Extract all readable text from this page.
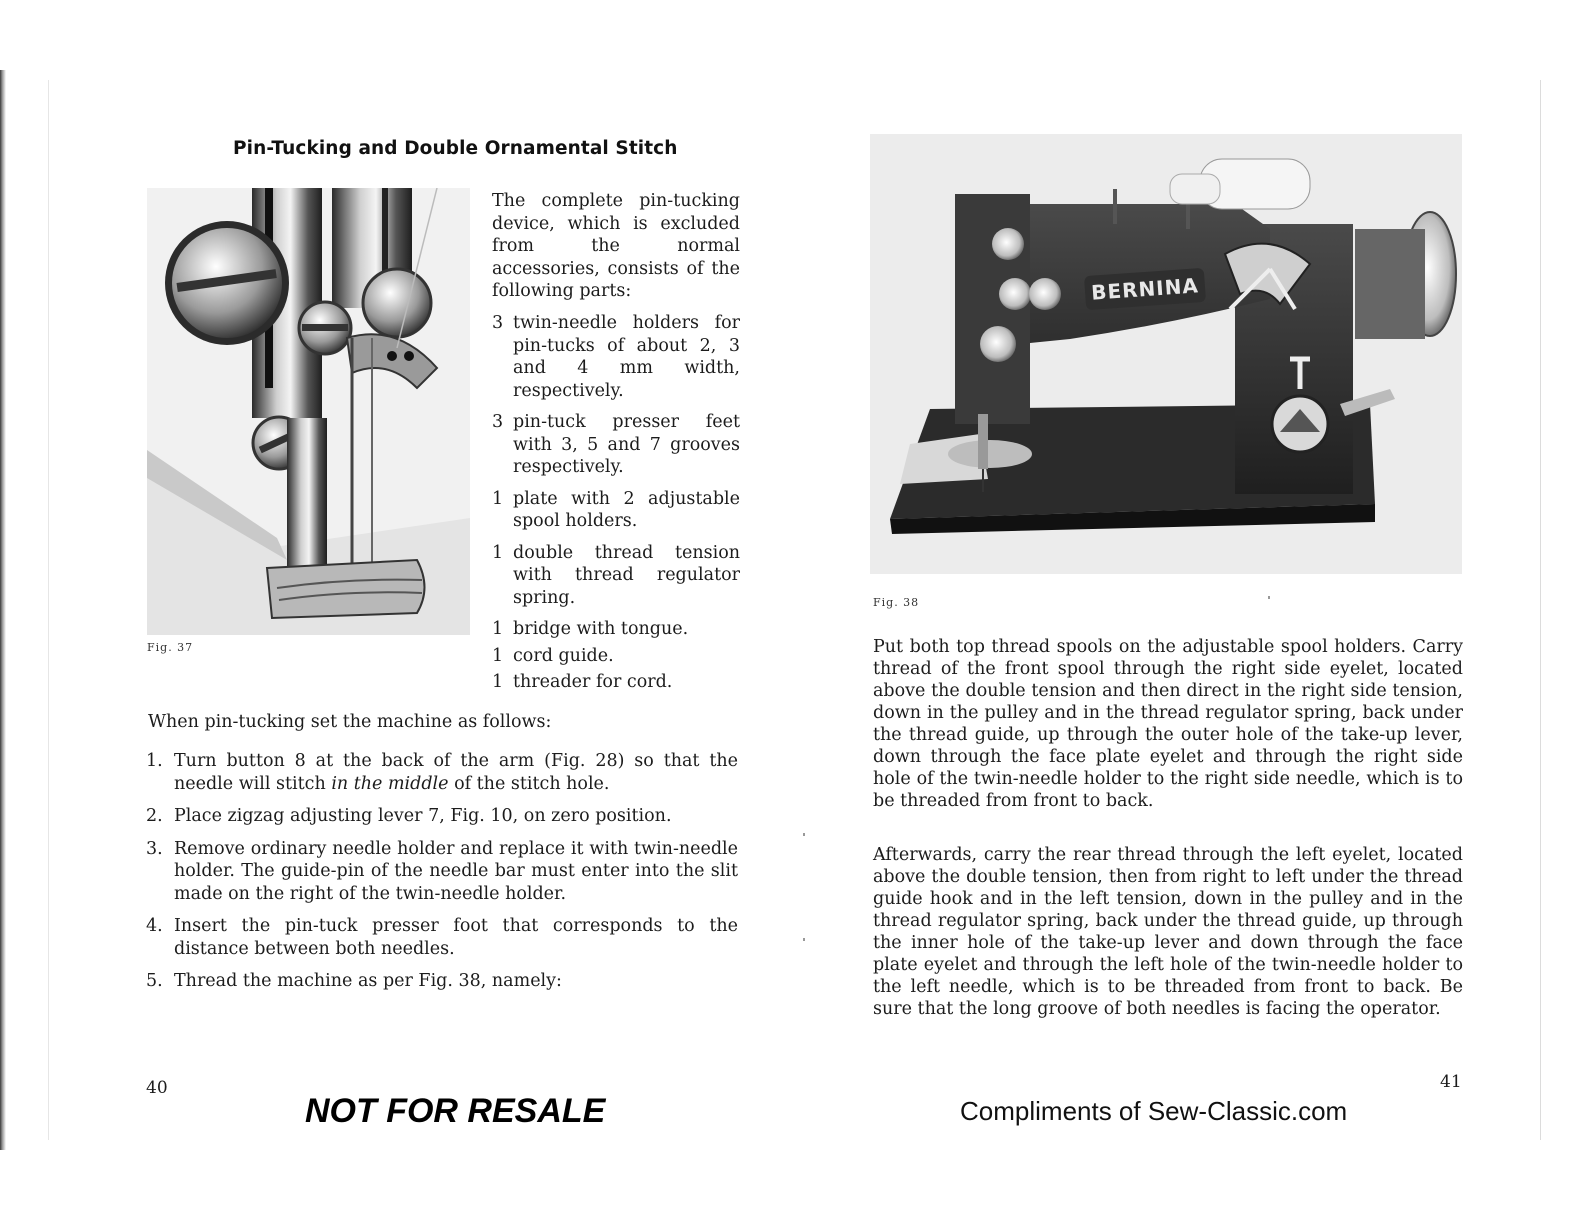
Pin-Tucking and Double Ornamental Stitch
Fig. 37
The complete pin-tucking device, which is excluded from the normal accessories, consists of the following parts:
3 twin-needle holders for pin-tucks of about 2, 3 and 4 mm width, respectively.
3 pin-tuck presser feet with 3, 5 and 7 grooves respectively.
1 plate with 2 adjustable spool holders.
1 double thread tension with thread regulator spring.
1 bridge with tongue.
1 cord guide.
1 threader for cord.
When pin-tucking set the machine as follows:
1. Turn button 8 at the back of the arm (Fig. 28) so that the needle will stitch in the middle of the stitch hole.
2. Place zigzag adjusting lever 7, Fig. 10, on zero position.
3. Remove ordinary needle holder and replace it with twin-needle holder. The guide-pin of the needle bar must enter into the slit made on the right of the twin-needle holder.
4. Insert the pin-tuck presser foot that corresponds to the distance between both needles.
5. Thread the machine as per Fig. 38, namely:
40
NOT FOR RESALE
BERNINA
Fig. 38

Put both top thread spools on the adjustable spool holders. Carry thread of the front spool through the right side eyelet, located above the double tension and then direct in the right side tension, down in the pulley and in the thread regulator spring, back under the thread guide, up through the outer hole of the take-up lever, down through the face plate eyelet and through the right side hole of the twin-needle holder to the right side needle, which is to be threaded from front to back.

Afterwards, carry the rear thread through the left eyelet, located above the double tension, then from right to left under the thread guide hook and in the left tension, down in the pulley and in the thread regulator spring, back under the thread guide, up through the inner hole of the take-up lever and down through the face plate eyelet and through the left hole of the twin-needle holder to the left needle, which is to be threaded from front to back. Be sure that the long groove of both needles is facing the operator.

41
Compliments of Sew-Classic.com
